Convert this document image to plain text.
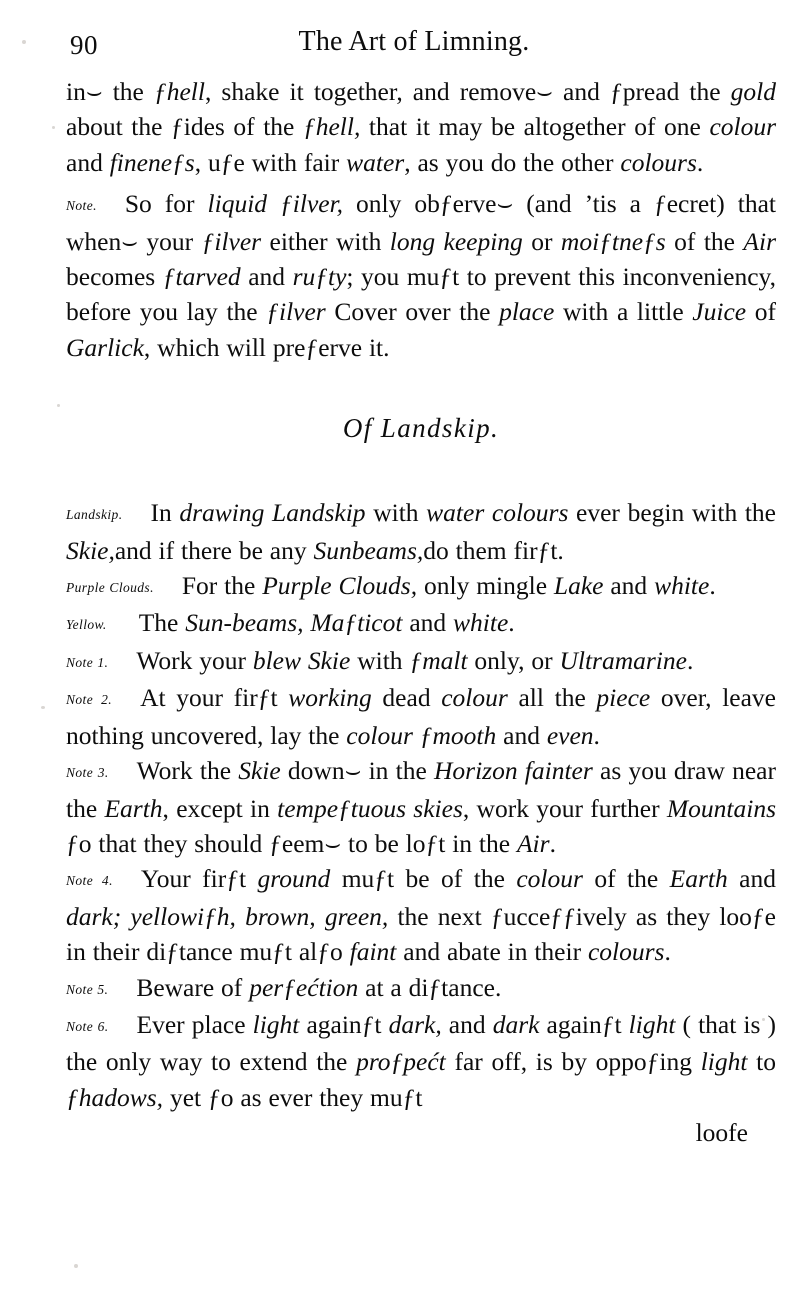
90	The Art of Limning.

in⌣ the ƒhell, shake it together, and remove⌣ and ƒpread the gold about the ƒides of the ƒhell, that it may be altogether of one colour and fineneƒs, uƒe with fair water, as you do the other colours.

Note. So for liquid ƒilver, only obƒerve⌣ (and ’tis a ƒecret) that when⌣ your ƒilver either with long keeping or moiƒtneƒs of the Air becomes ƒtarved and ruƒty; you muƒt to prevent this inconveniency, before you lay the ƒilver Cover over the place with a little Juice of Garlick, which will preƒerve it.

Of Landskip.

Landskip. In drawing Landskip with water colours ever begin with the Skie,and if there be any Sunbeams,do them firƒt.

Purple Clouds. For the Purple Clouds, only mingle Lake and white.

Yellow. The Sun-beams, Maƒticot and white.

Note 1. Work your blew Skie with ƒmalt only, or Ultramarine.

Note 2. At your firƒt working dead colour all the piece over, leave nothing uncovered, lay the colour ƒmooth and even.

Note 3. Work the Skie down⌣ in the Horizon fainter as you draw near the Earth, except in tempeƒtuous skies, work your further Mountains ƒo that they should ƒeem⌣ to be loƒt in the Air.

Note 4. Your firƒt ground muƒt be of the colour of the Earth and dark; yellowiƒh, brown, green, the next ƒucceƒƒively as they looƒe in their diƒtance muƒt alƒo faint and abate in their colours.

Note 5. Beware of perƒećtion at a diƒtance.

Note 6. Ever place light againƒt dark, and dark againƒt light ( that is ) the only way to extend the proƒpećt far off, is by oppoƒing light to ƒhadows, yet ƒo as ever they muƒt

loofe
